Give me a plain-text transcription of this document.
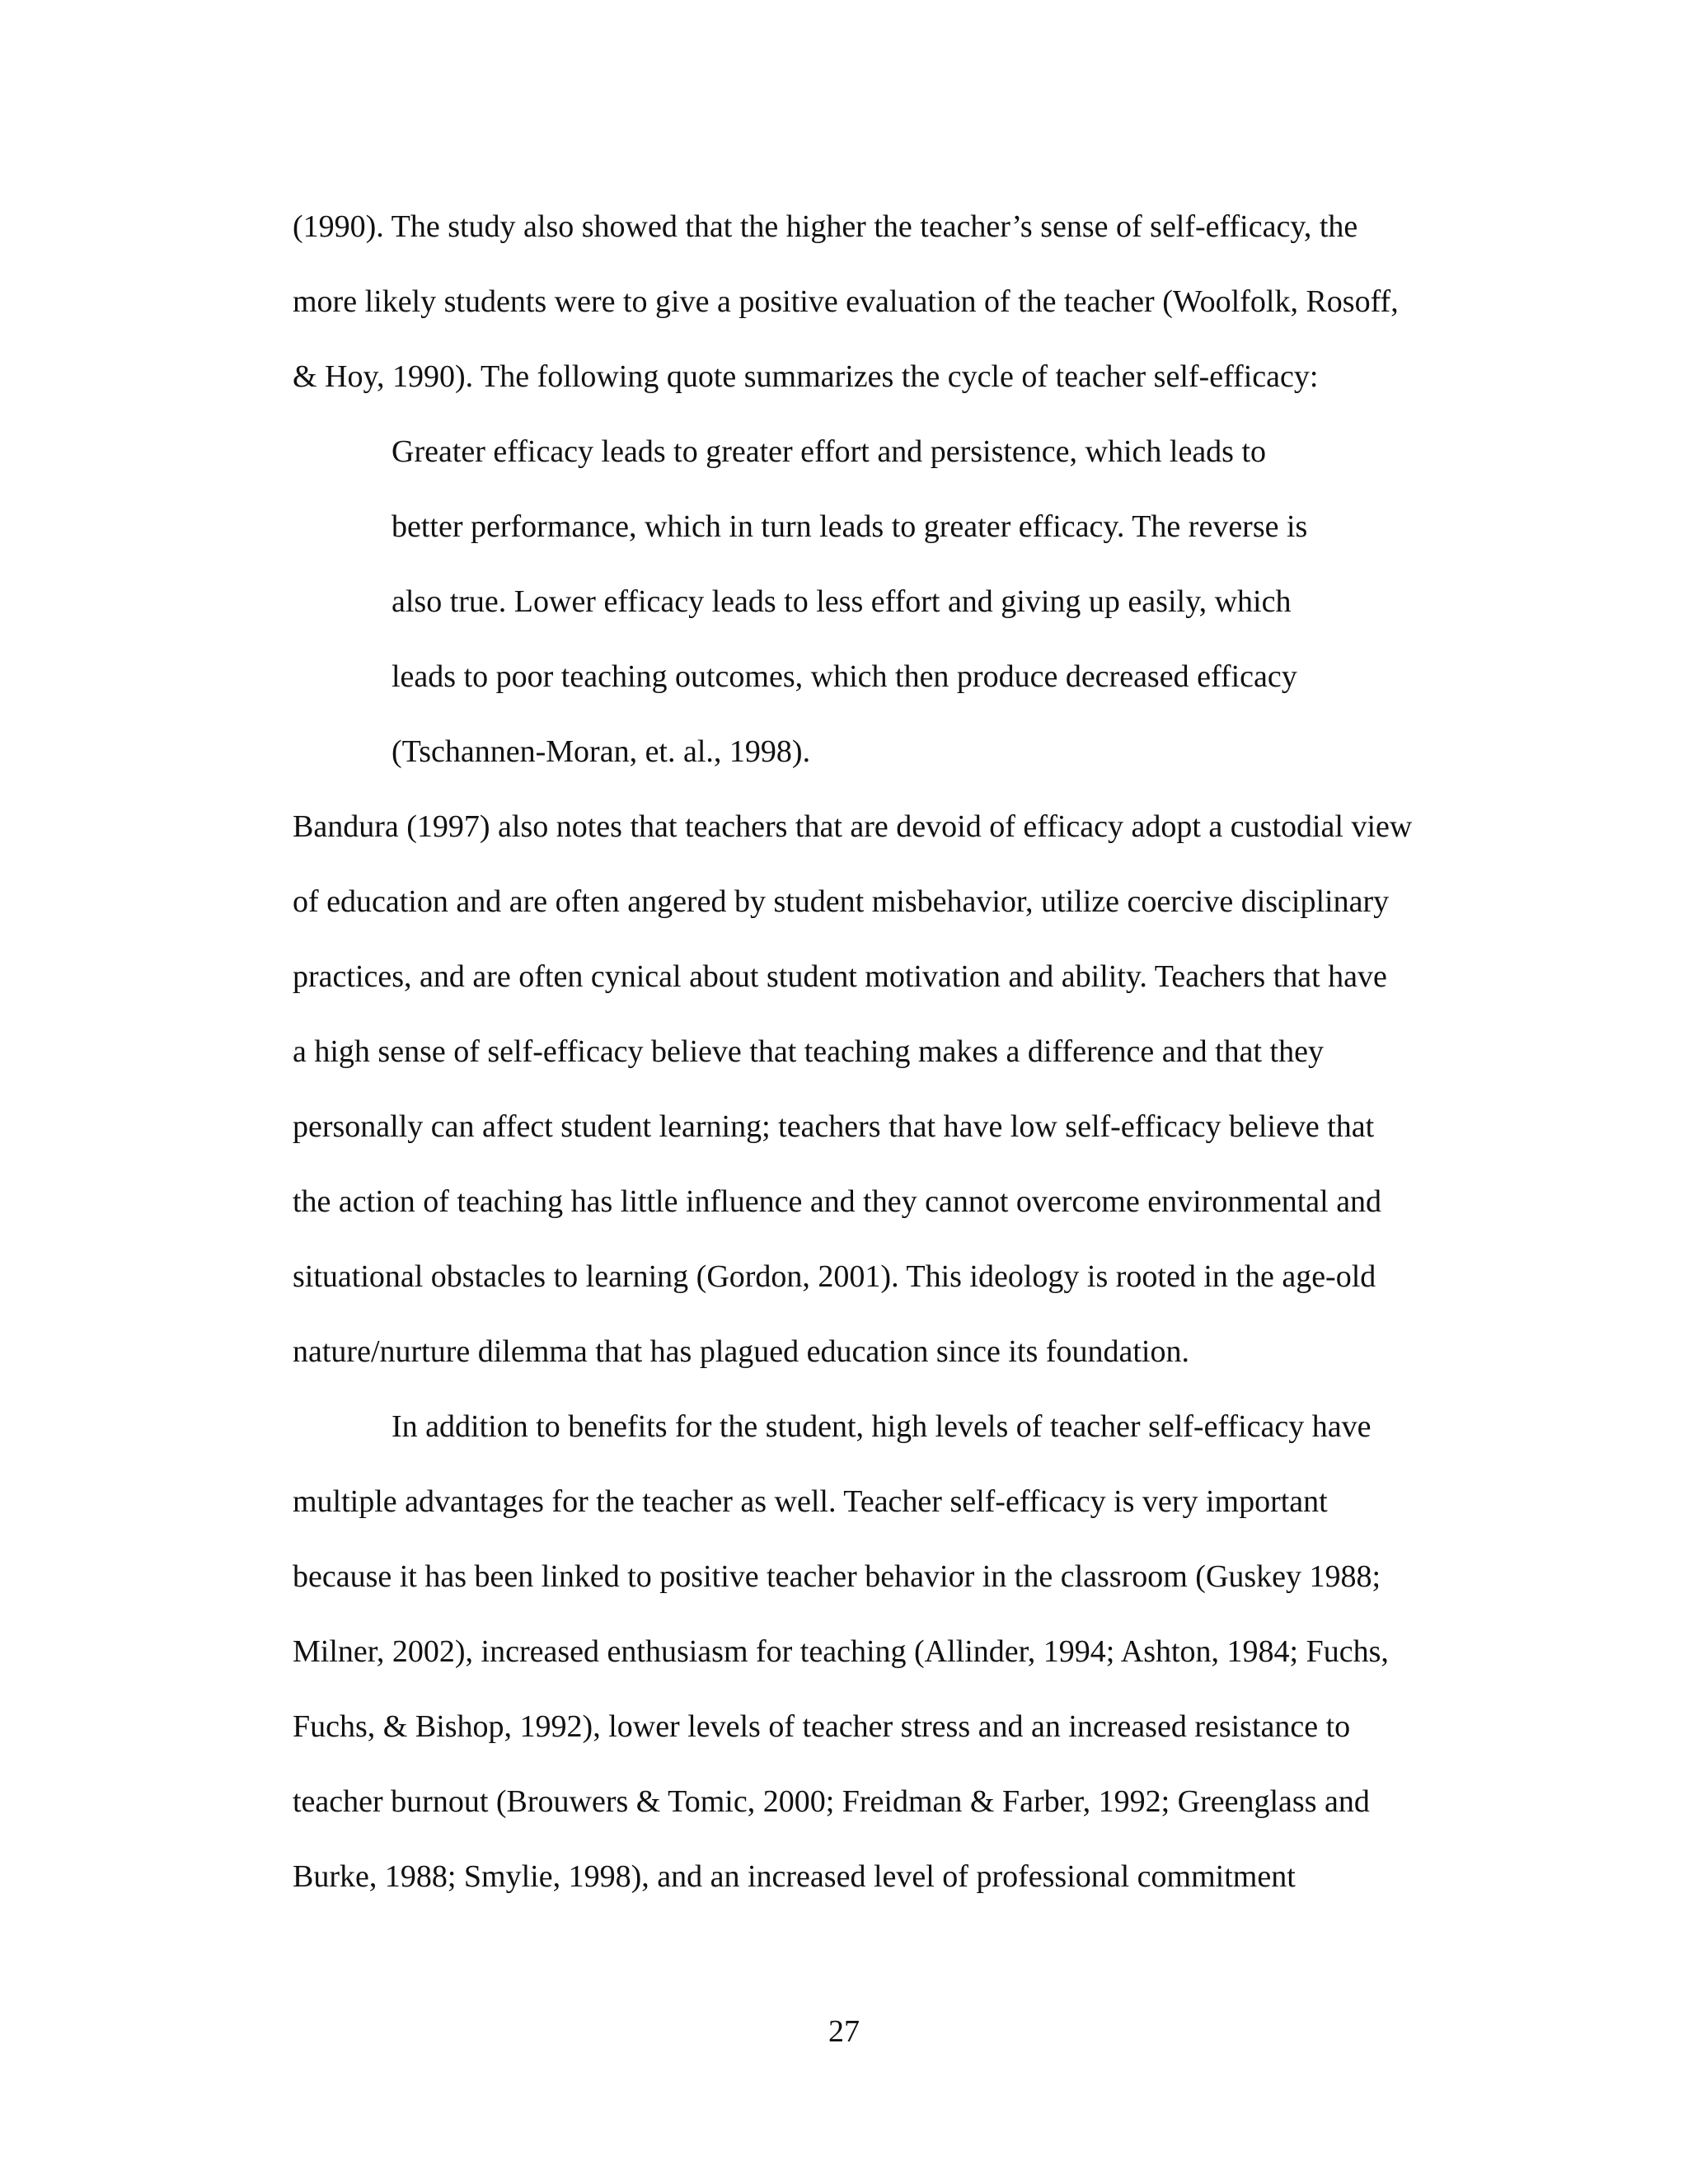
(1990). The study also showed that the higher the teacher’s sense of self-efficacy, the
more likely students were to give a positive evaluation of the teacher (Woolfolk, Rosoff,
& Hoy, 1990). The following quote summarizes the cycle of teacher self-efficacy:
Greater efficacy leads to greater effort and persistence, which leads to
better performance, which in turn leads to greater efficacy. The reverse is
also true. Lower efficacy leads to less effort and giving up easily, which
leads to poor teaching outcomes, which then produce decreased efficacy
(Tschannen-Moran, et. al., 1998).
Bandura (1997) also notes that teachers that are devoid of efficacy adopt a custodial view
of education and are often angered by student misbehavior, utilize coercive disciplinary
practices, and are often cynical about student motivation and ability. Teachers that have
a high sense of self-efficacy believe that teaching makes a difference and that they
personally can affect student learning; teachers that have low self-efficacy believe that
the action of teaching has little influence and they cannot overcome environmental and
situational obstacles to learning (Gordon, 2001). This ideology is rooted in the age-old
nature/nurture dilemma that has plagued education since its foundation.
In addition to benefits for the student, high levels of teacher self-efficacy have
multiple advantages for the teacher as well. Teacher self-efficacy is very important
because it has been linked to positive teacher behavior in the classroom (Guskey 1988;
Milner, 2002), increased enthusiasm for teaching (Allinder, 1994; Ashton, 1984; Fuchs,
Fuchs, & Bishop, 1992), lower levels of teacher stress and an increased resistance to
teacher burnout (Brouwers & Tomic, 2000; Freidman & Farber, 1992; Greenglass and
Burke, 1988; Smylie, 1998), and an increased level of professional commitment
27
